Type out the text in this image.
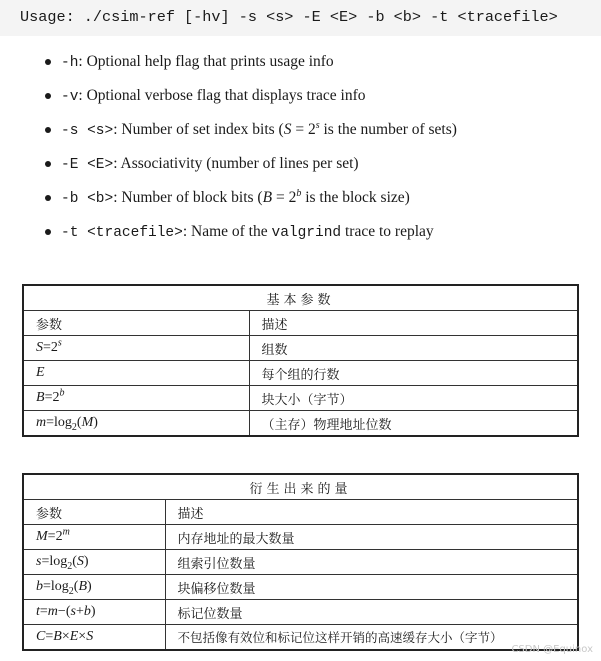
Usage: ./csim-ref [-hv] -s <s> -E <E> -b <b> -t <tracefile>

-h: Optional help flag that prints usage info

-v: Optional verbose flag that displays trace info

-s <s>: Number of set index bits ($S = 2^s$ is the number of sets)

-E <E>: Associativity (number of lines per set)

-b <b>: Number of block bits ($B = 2^b$ is the block size)

-t <tracefile>: Name of the valgrind trace to replay

基本参数	
参数	描述
$S=2^s$	组数
E	每个组的行数
$B=2^b$	块大小（字节）
$m=\log_2(M)$	（主存）物理地址位数
衍生出来的量	
参数	描述
$M=2^m$	内存地址的最大数量
$s=\log_2(S)$	组索引位数量
$b=\log_2(B)$	块偏移位数量
t=m−(s+b)	标记位数量
C=B×E×S	不包括像有效位和标记位这样开销的高速缓存大小（字节）
CSDN @Equinox
